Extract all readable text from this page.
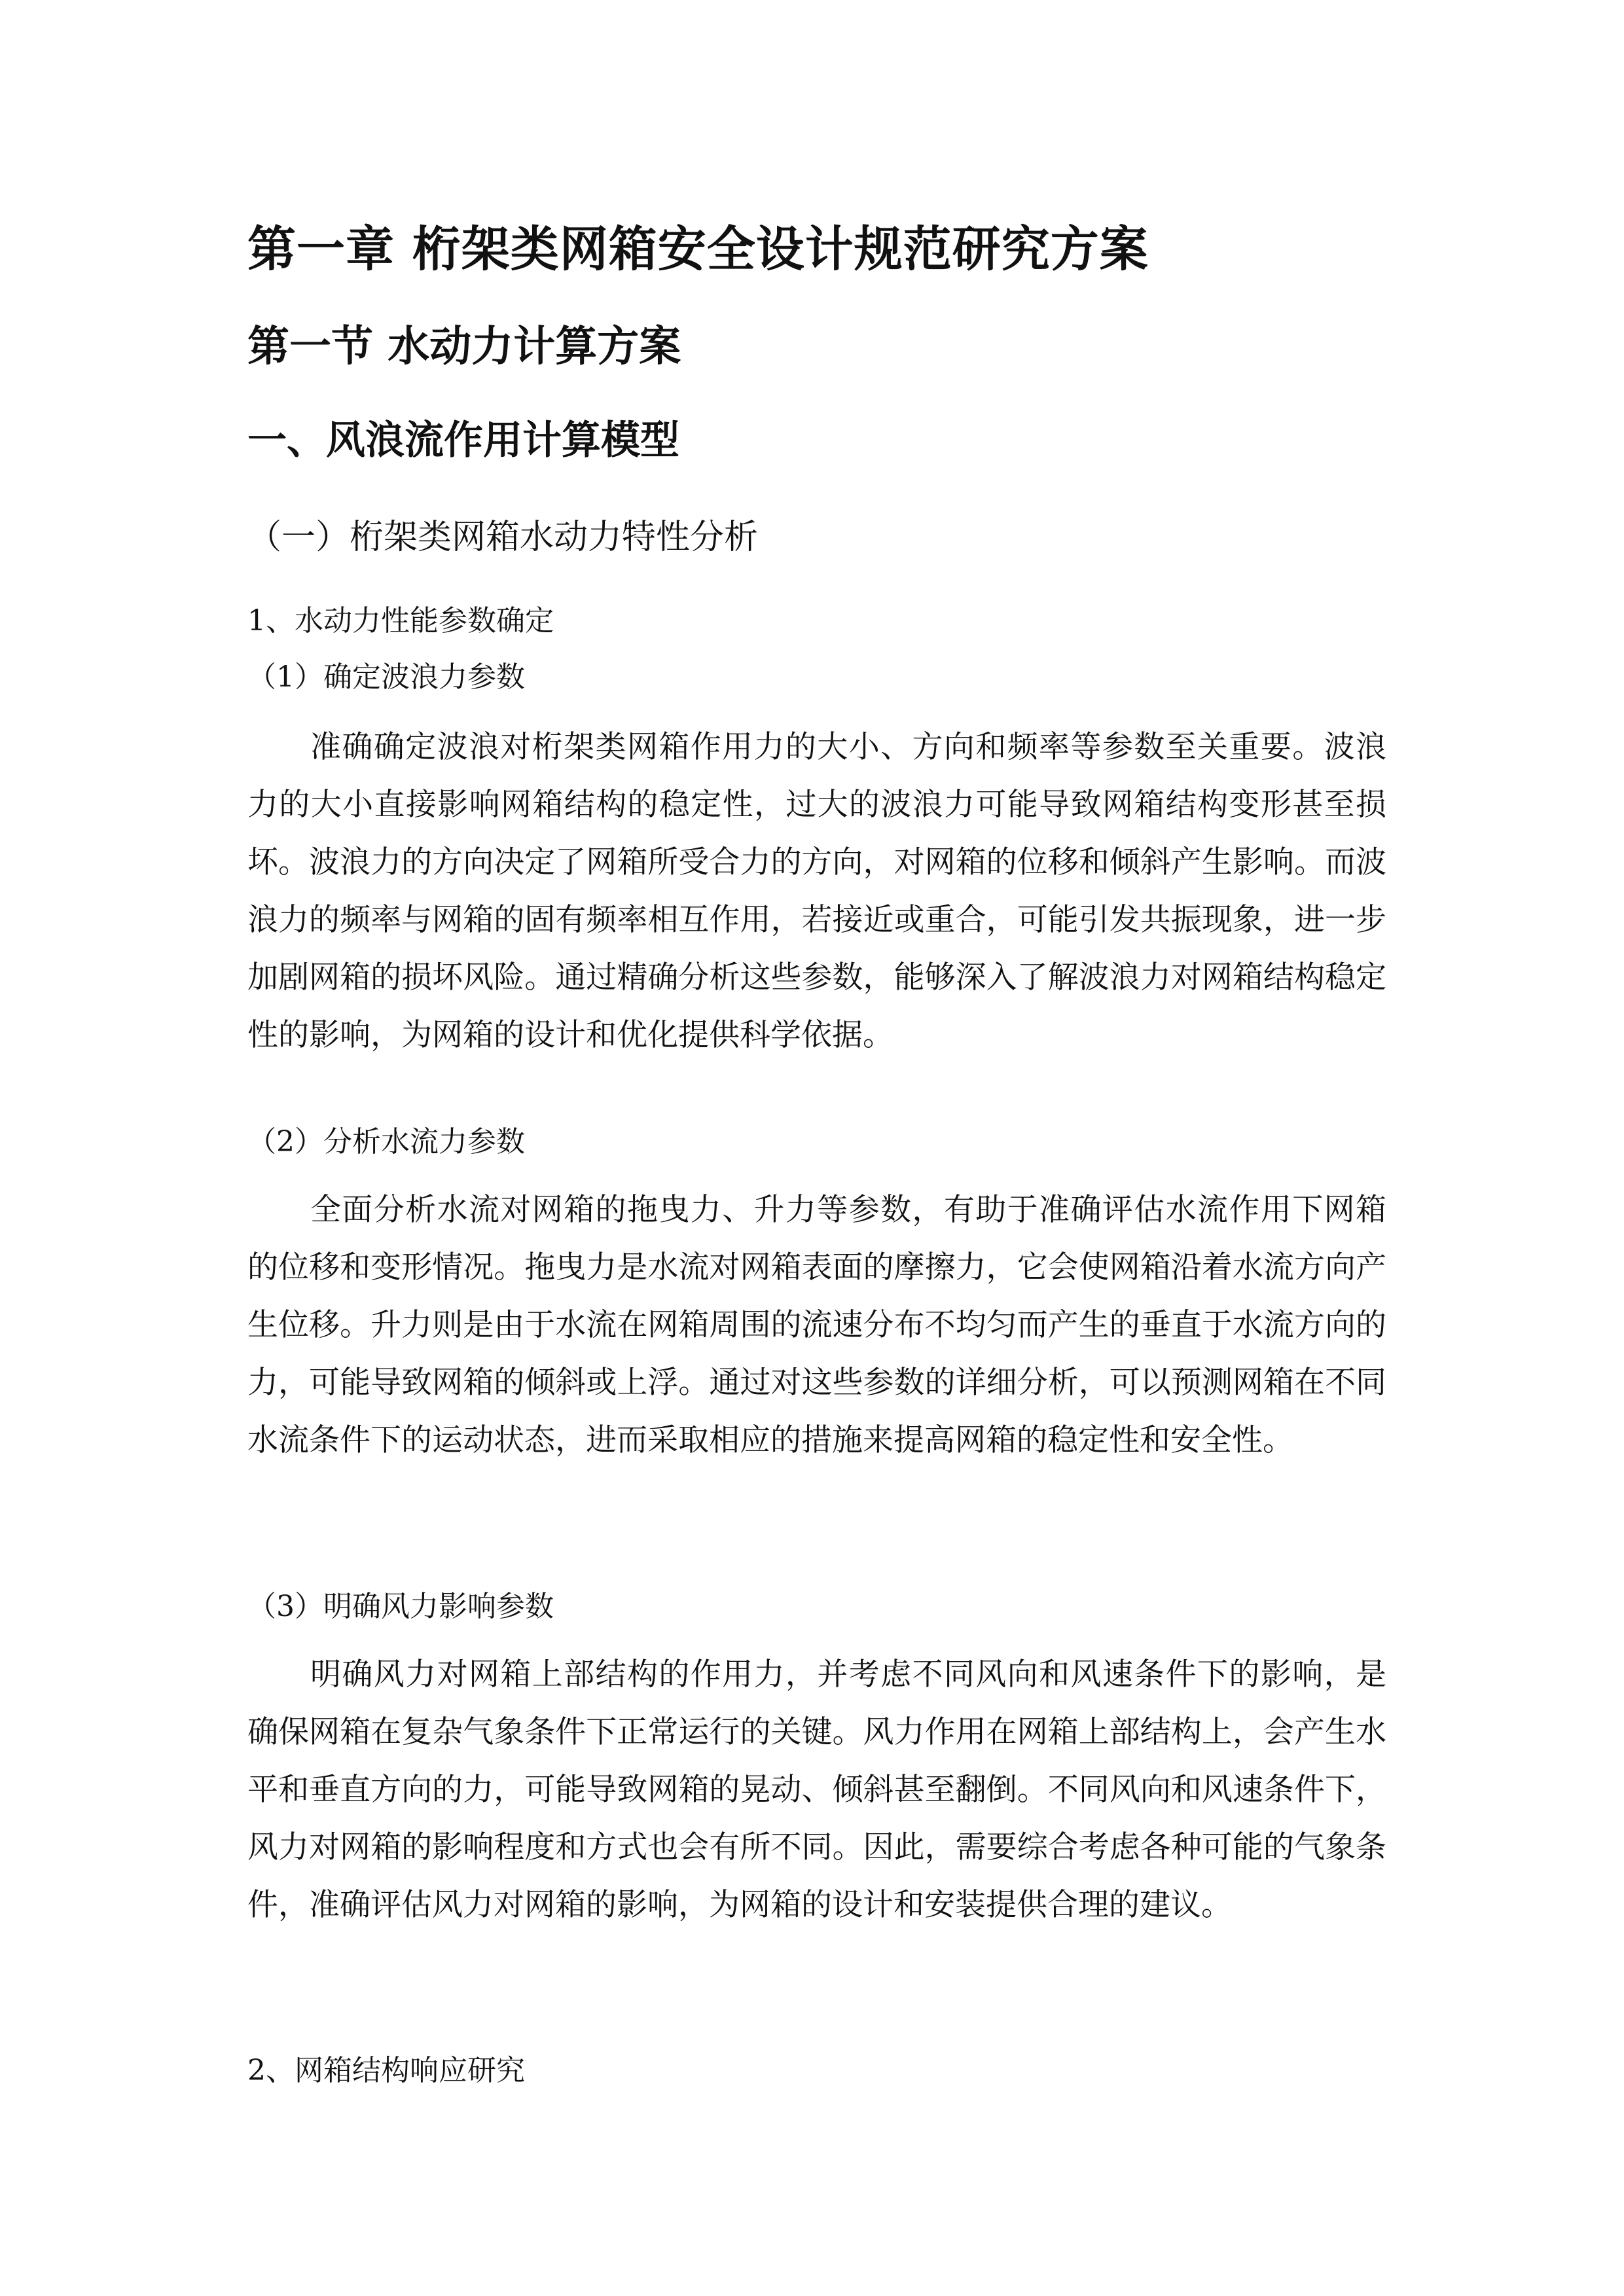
第一章 桁架类网箱安全设计规范研究方案
第一节 水动力计算方案
一、风浪流作用计算模型
（一）桁架类网箱水动力特性分析
1、水动力性能参数确定
（1）确定波浪力参数

准确确定波浪对桁架类网箱作用力的大小、方向和频率等参数至关重要。波浪力的大小直接影响网箱结构的稳定性，过大的波浪力可能导致网箱结构变形甚至损坏。波浪力的方向决定了网箱所受合力的方向，对网箱的位移和倾斜产生影响。而波浪力的频率与网箱的固有频率相互作用，若接近或重合，可能引发共振现象，进一步加剧网箱的损坏风险。通过精确分析这些参数，能够深入了解波浪力对网箱结构稳定性的影响，为网箱的设计和优化提供科学依据。

（2）分析水流力参数

全面分析水流对网箱的拖曳力、升力等参数，有助于准确评估水流作用下网箱的位移和变形情况。拖曳力是水流对网箱表面的摩擦力，它会使网箱沿着水流方向产生位移。升力则是由于水流在网箱周围的流速分布不均匀而产生的垂直于水流方向的力，可能导致网箱的倾斜或上浮。通过对这些参数的详细分析，可以预测网箱在不同水流条件下的运动状态，进而采取相应的措施来提高网箱的稳定性和安全性。

（3）明确风力影响参数

明确风力对网箱上部结构的作用力，并考虑不同风向和风速条件下的影响，是确保网箱在复杂气象条件下正常运行的关键。风力作用在网箱上部结构上，会产生水平和垂直方向的力，可能导致网箱的晃动、倾斜甚至翻倒。不同风向和风速条件下，风力对网箱的影响程度和方式也会有所不同。因此，需要综合考虑各种可能的气象条件，准确评估风力对网箱的影响，为网箱的设计和安装提供合理的建议。

2、网箱结构响应研究
